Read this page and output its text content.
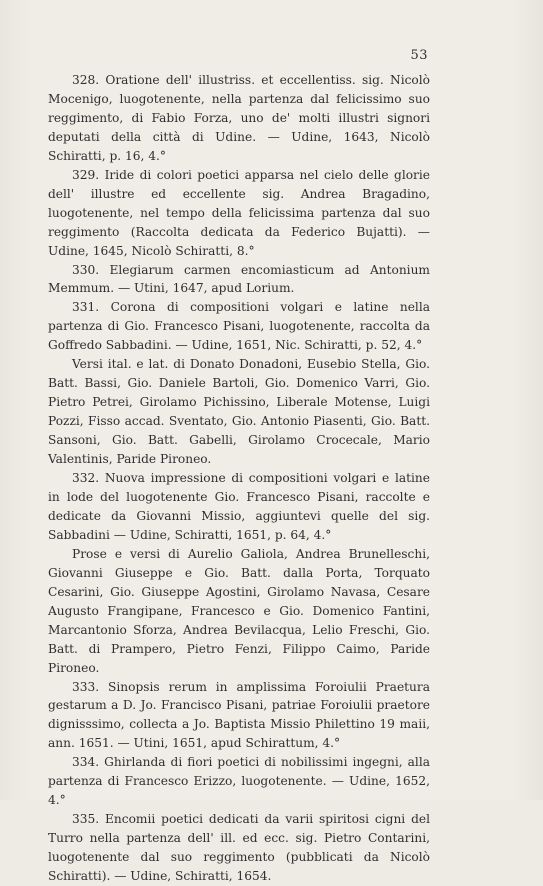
53

328. Oratione dell' illustriss. et eccellentiss. sig. Nicolò Mocenigo, luogotenente, nella partenza dal felicissimo suo reggimento, di Fabio Forza, uno de' molti illustri signori deputati della città di Udine. — Udine, 1643, Nicolò Schiratti, p. 16, 4.°

329. Iride di colori poetici apparsa nel cielo delle glorie dell' illustre ed eccellente sig. Andrea Bragadino, luogotenente, nel tempo della felicissima partenza dal suo reggimento (Raccolta dedicata da Federico Bujatti). — Udine, 1645, Nicolò Schiratti, 8.°

330. Elegiarum carmen encomiasticum ad Antonium Memmum. — Utini, 1647, apud Lorium.

331. Corona di compositioni volgari e latine nella partenza di Gio. Francesco Pisani, luogotenente, raccolta da Goffredo Sabbadini. — Udine, 1651, Nic. Schiratti, p. 52, 4.°

Versi ital. e lat. di Donato Donadoni, Eusebio Stella, Gio. Batt. Bassi, Gio. Daniele Bartoli, Gio. Domenico Varri, Gio. Pietro Petrei, Girolamo Pichissino, Liberale Motense, Luigi Pozzi, Fisso accad. Sventato, Gio. Antonio Piasenti, Gio. Batt. Sansoni, Gio. Batt. Gabelli, Girolamo Crocecale, Mario Valentinis, Paride Pironeo.

332. Nuova impressione di compositioni volgari e latine in lode del luogotenente Gio. Francesco Pisani, raccolte e dedicate da Giovanni Missio, aggiuntevi quelle del sig. Sabbadini — Udine, Schiratti, 1651, p. 64, 4.°

Prose e versi di Aurelio Galiola, Andrea Brunelleschi, Giovanni Giuseppe e Gio. Batt. dalla Porta, Torquato Cesarini, Gio. Giuseppe Agostini, Girolamo Navasa, Cesare Augusto Frangipane, Francesco e Gio. Domenico Fantini, Marcantonio Sforza, Andrea Bevilacqua, Lelio Freschi, Gio. Batt. di Prampero, Pietro Fenzi, Filippo Caimo, Paride Pironeo.

333. Sinopsis rerum in amplissima Foroiulii Praetura gestarum a D. Jo. Francisco Pisani, patriae Foroiulii praetore dignisssimo, collecta a Jo. Baptista Missio Philettino 19 maii, ann. 1651. — Utini, 1651, apud Schirattum, 4.°

334. Ghirlanda di fiori poetici di nobilissimi ingegni, alla partenza di Francesco Erizzo, luogotenente. — Udine, 1652, 4.°

335. Encomii poetici dedicati da varii spiritosi cigni del Turro nella partenza dell' ill. ed ecc. sig. Pietro Contarini, luogotenente dal suo reggimento (pubblicati da Nicolò Schiratti). — Udine, Schiratti, 1654.
